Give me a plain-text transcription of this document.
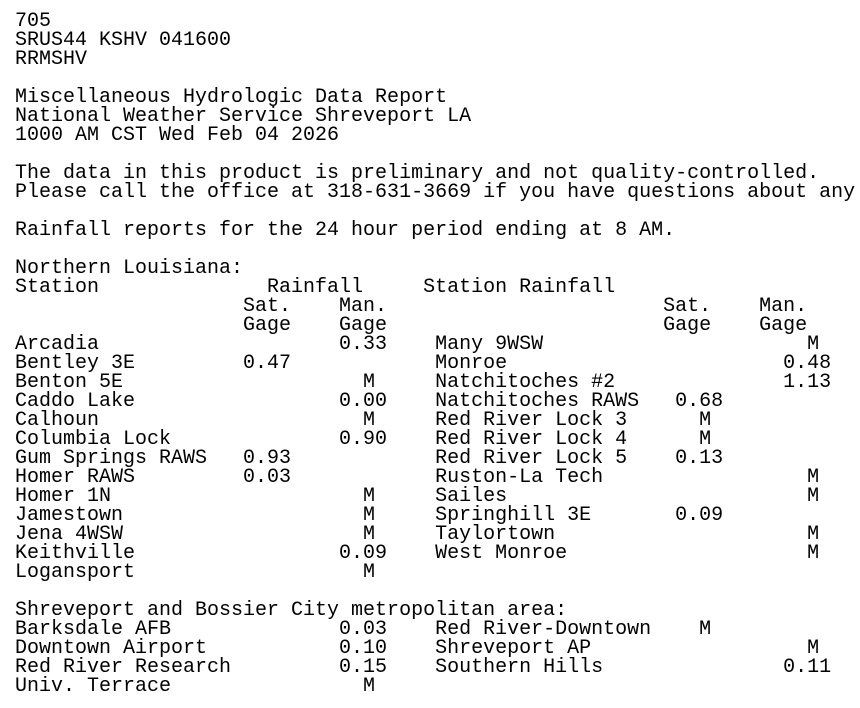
705
SRUS44 KSHV 041600
RRMSHV
Miscellaneous Hydrologic Data Report
National Weather Service Shreveport LA
1000 AM CST Wed Feb 04 2026
The data in this product is preliminary and not quality-controlled.
Please call the office at 318-631-3669 if you have questions about any
Rainfall reports for the 24 hour period ending at 8 AM.
Northern Louisiana:
Station              Rainfall     Station Rainfall
Sat.    Man.                       Sat.    Man.
Gage    Gage                       Gage    Gage
Arcadia                    0.33    Many 9WSW                      M
Bentley 3E         0.47            Monroe                       0.48
Benton 5E                    M     Natchitoches #2              1.13
Caddo Lake                 0.00    Natchitoches RAWS   0.68
Calhoun                      M     Red River Lock 3      M
Columbia Lock              0.90    Red River Lock 4      M
Gum Springs RAWS   0.93            Red River Lock 5    0.13
Homer RAWS         0.03            Ruston-La Tech                 M
Homer 1N                     M     Sailes                         M
Jamestown                    M     Springhill 3E       0.09
Jena 4WSW                    M     Taylortown                     M
Keithville                 0.09    West Monroe                    M
Logansport                   M
Shreveport and Bossier City metropolitan area:
Barksdale AFB              0.03    Red River-Downtown    M
Downtown Airport           0.10    Shreveport AP                  M
Red River Research         0.15    Southern Hills               0.11
Univ. Terrace                M
